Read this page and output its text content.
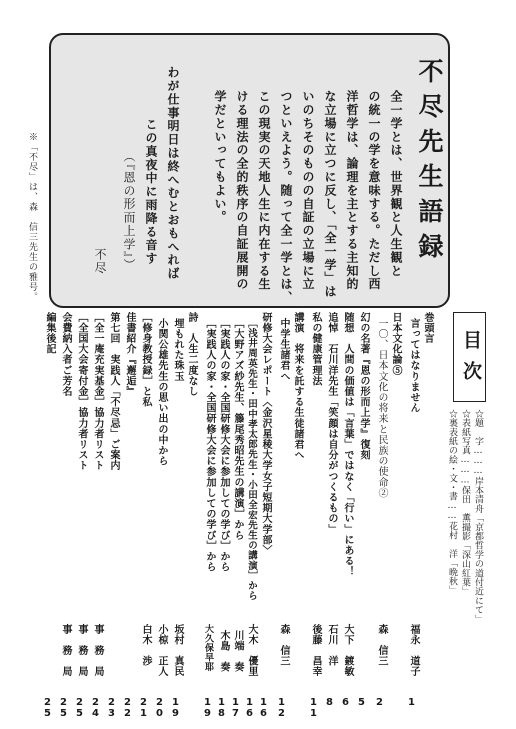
不尽先生語録
全一学とは、世界観と人生観と
の統一の学を意味する。ただし西
洋哲学は、論理を主とする主知的
な立場に立つに反し、「全一学」は
いのちそのものの自証の立場に立
つといえよう。随って全一学とは、
この現実の天地人生に内在する生
ける理法の全的秩序の自証展開の
学だといってもよい。
わが仕事明日は終へむとおもへれば
この真夜中に雨降る音す
（『恩の形而上学』）
不尽
※「不尽」は、森　信三先生の雅号。
目次
☆題　字………岸本清舟「京都哲学の道付近にて」
☆表紙写真………保田　薫撮影「深山紅葉」
☆裏表紙の絵・文・書……花村　洋「晩秋」
巻頭言
言ってはなりません
福永　道子
1
日本文化論⑤
一〇、日本文化の将来と民族の使命②
森　信三
2
幻の名著『恩の形而上学』復刻
5
随想　人間の価値は「言葉」ではなく「行い」にある！
大下　鍍敏
6
追悼　石川洋先生「笑顔は自分がつくるもの」
石川　洋
8
私の健康管理法
後藤　昌幸
11
講演　将来を託する生徒諸君へ
中学生諸君へ
森　信三
12
研修大会レポート〈金沢星稜大学女子短期大学部〉
16
［浅井周英先生・田中孝太郎先生・小田全宏先生の講演］から
大木　優里
16
［大野アズ紗先生、籐尾秀昭先生の講演］から
川端　奏
17
［実践人の家・全国研修大会に参加しての学び］から
木島　奏
18
［実践人の家・全国研修大会に参加しての学び］から
大久保早耶
19
詩　人生二度なし
埋もれた珠玉
坂村　真民
19
小関公雄先生の思い出の中から
小椋　正人
20
［修身教授録］と私
白木　渉
21
佳書紹介『邂逅』
22
第七回　実践人「不尽忌」ご案内
23
［全一庵充実基金］協力者リスト
事　務　局
24
［全国大会寄付金］協力者リスト
事　務　局
25
会費納入者ご芳名
事　務　局
25
編集後記
25
